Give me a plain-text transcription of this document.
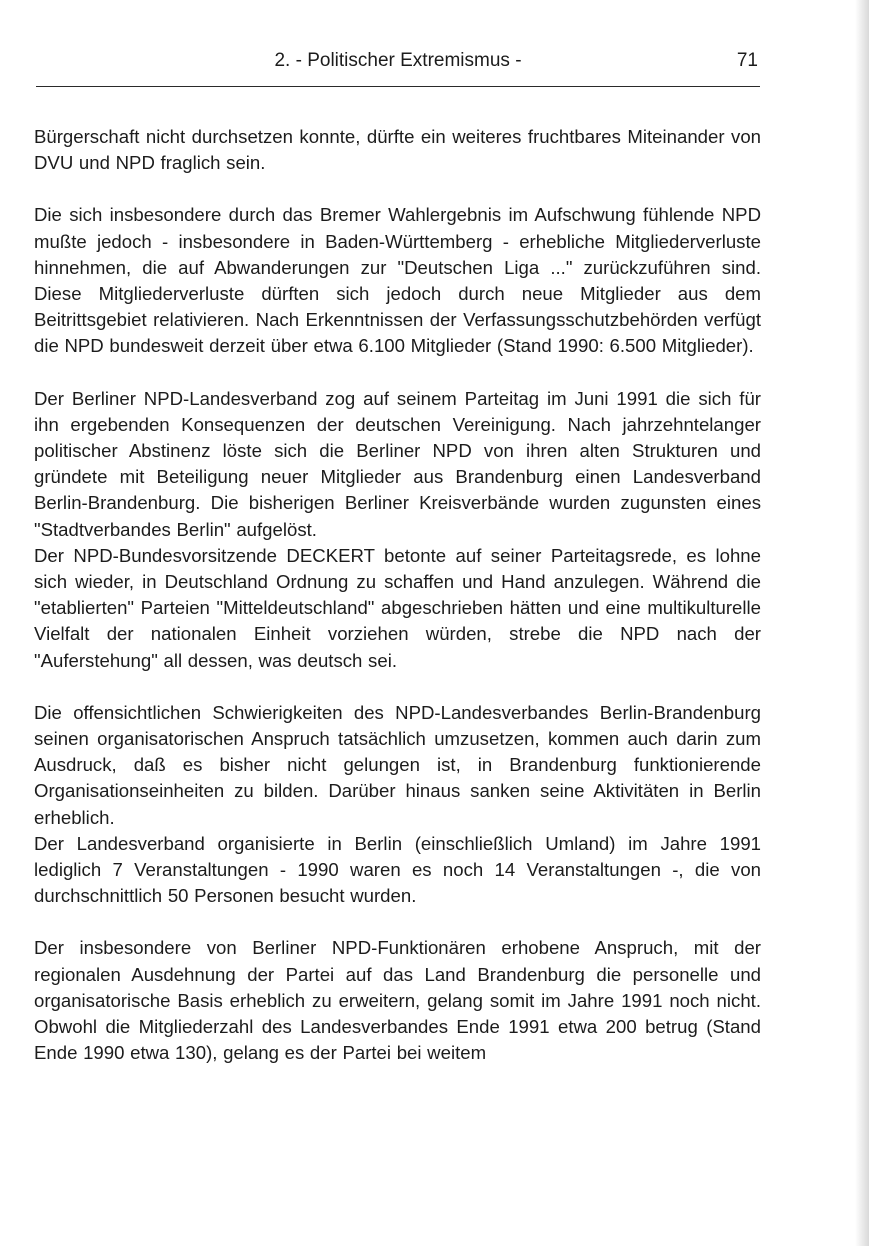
2. - Politischer Extremismus -	71

Bürgerschaft nicht durchsetzen konnte, dürfte ein weiteres fruchtbares Miteinander von DVU und NPD fraglich sein.

Die sich insbesondere durch das Bremer Wahlergebnis im Aufschwung fühlende NPD mußte jedoch - insbesondere in Baden-Württemberg - erhebliche Mitgliederverluste hinnehmen, die auf Abwanderungen zur "Deutschen Liga ..." zurückzuführen sind. Diese Mitgliederverluste dürften sich jedoch durch neue Mitglieder aus dem Beitrittsgebiet relativieren. Nach Erkenntnissen der Verfassungsschutzbehörden verfügt die NPD bundesweit derzeit über etwa 6.100 Mitglieder (Stand 1990: 6.500 Mitglieder).

Der Berliner NPD-Landesverband zog auf seinem Parteitag im Juni 1991 die sich für ihn ergebenden Konsequenzen der deutschen Vereinigung. Nach jahrzehntelanger politischer Abstinenz löste sich die Berliner NPD von ihren alten Strukturen und gründete mit Beteiligung neuer Mitglieder aus Brandenburg einen Landesverband Berlin-Brandenburg. Die bisherigen Berliner Kreisverbände wurden zugunsten eines "Stadtverbandes Berlin" aufgelöst.

Der NPD-Bundesvorsitzende DECKERT betonte auf seiner Parteitagsrede, es lohne sich wieder, in Deutschland Ordnung zu schaffen und Hand anzulegen. Während die "etablierten" Parteien "Mitteldeutschland" abgeschrieben hätten und eine multikulturelle Vielfalt der nationalen Einheit vorziehen würden, strebe die NPD nach der "Auferstehung" all dessen, was deutsch sei.

Die offensichtlichen Schwierigkeiten des NPD-Landesverbandes Berlin-Brandenburg seinen organisatorischen Anspruch tatsächlich umzusetzen, kommen auch darin zum Ausdruck, daß es bisher nicht gelungen ist, in Brandenburg funktionierende Organisationseinheiten zu bilden. Darüber hinaus sanken seine Aktivitäten in Berlin erheblich.

Der Landesverband organisierte in Berlin (einschließlich Umland) im Jahre 1991 lediglich 7 Veranstaltungen - 1990 waren es noch 14 Veranstaltungen -, die von durchschnittlich 50 Personen besucht wurden.

Der insbesondere von Berliner NPD-Funktionären erhobene Anspruch, mit der regionalen Ausdehnung der Partei auf das Land Brandenburg die personelle und organisatorische Basis erheblich zu erweitern, gelang somit im Jahre 1991 noch nicht. Obwohl die Mitgliederzahl des Landesverbandes Ende 1991 etwa 200 betrug (Stand Ende 1990 etwa 130), gelang es der Partei bei weitem
